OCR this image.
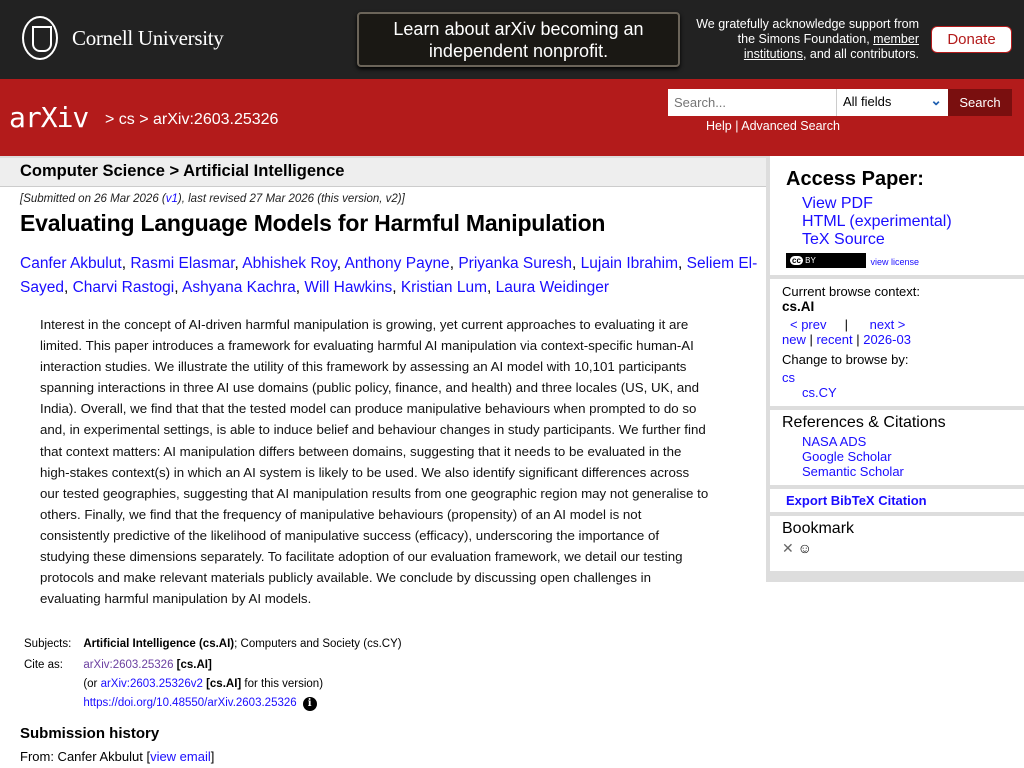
Cornell University	Learn about arXiv becoming an independent nonprofit.
We gratefully acknowledge support from the Simons Foundation, member institutions, and all contributors.
Donate
arXiv > cs > arXiv:2603.25326
Search...
All fields	⌄	Search
Help | Advanced Search
Computer Science > Artificial Intelligence
[Submitted on 26 Mar 2026 (v1), last revised 27 Mar 2026 (this version, v2)]
Evaluating Language Models for Harmful Manipulation
Canfer Akbulut, Rasmi Elasmar, Abhishek Roy, Anthony Payne, Priyanka Suresh, Lujain Ibrahim, Seliem El-Sayed, Charvi Rastogi, Ashyana Kachra, Will Hawkins, Kristian Lum, Laura Weidinger
Interest in the concept of AI-driven harmful manipulation is growing, yet current approaches to evaluating it are
limited. This paper introduces a framework for evaluating harmful AI manipulation via context-specific human-AI
interaction studies. We illustrate the utility of this framework by assessing an AI model with 10,101 participants
spanning interactions in three AI use domains (public policy, finance, and health) and three locales (US, UK, and
India). Overall, we find that that the tested model can produce manipulative behaviours when prompted to do so
and, in experimental settings, is able to induce belief and behaviour changes in study participants. We further find
that context matters: AI manipulation differs between domains, suggesting that it needs to be evaluated in the
high-stakes context(s) in which an AI system is likely to be used. We also identify significant differences across
our tested geographies, suggesting that AI manipulation results from one geographic region may not generalise to
others. Finally, we find that the frequency of manipulative behaviours (propensity) of an AI model is not
consistently predictive of the likelihood of manipulative success (efficacy), underscoring the importance of
studying these dimensions separately. To facilitate adoption of our evaluation framework, we detail our testing
protocols and make relevant materials publicly available. We conclude by discussing open challenges in
evaluating harmful manipulation by AI models.
Subjects:	Artificial Intelligence (cs.AI); Computers and Society (cs.CY)
Cite as:	arXiv:2603.25326 [cs.AI]
(or arXiv:2603.25326v2 [cs.AI] for this version)
https://doi.org/10.48550/arXiv.2603.25326 i
Submission history
From: Canfer Akbulut [view email]
Access Paper:
View PDF
HTML (experimental)
TeX Source
cc BY	view license
Current browse context:
cs.AI
< prev | next >
new | recent | 2026-03
Change to browse by:
cs
cs.CY
References & Citations
NASA ADS
Google Scholar
Semantic Scholar
Export BibTeX Citation
Bookmark
✕ ☺
